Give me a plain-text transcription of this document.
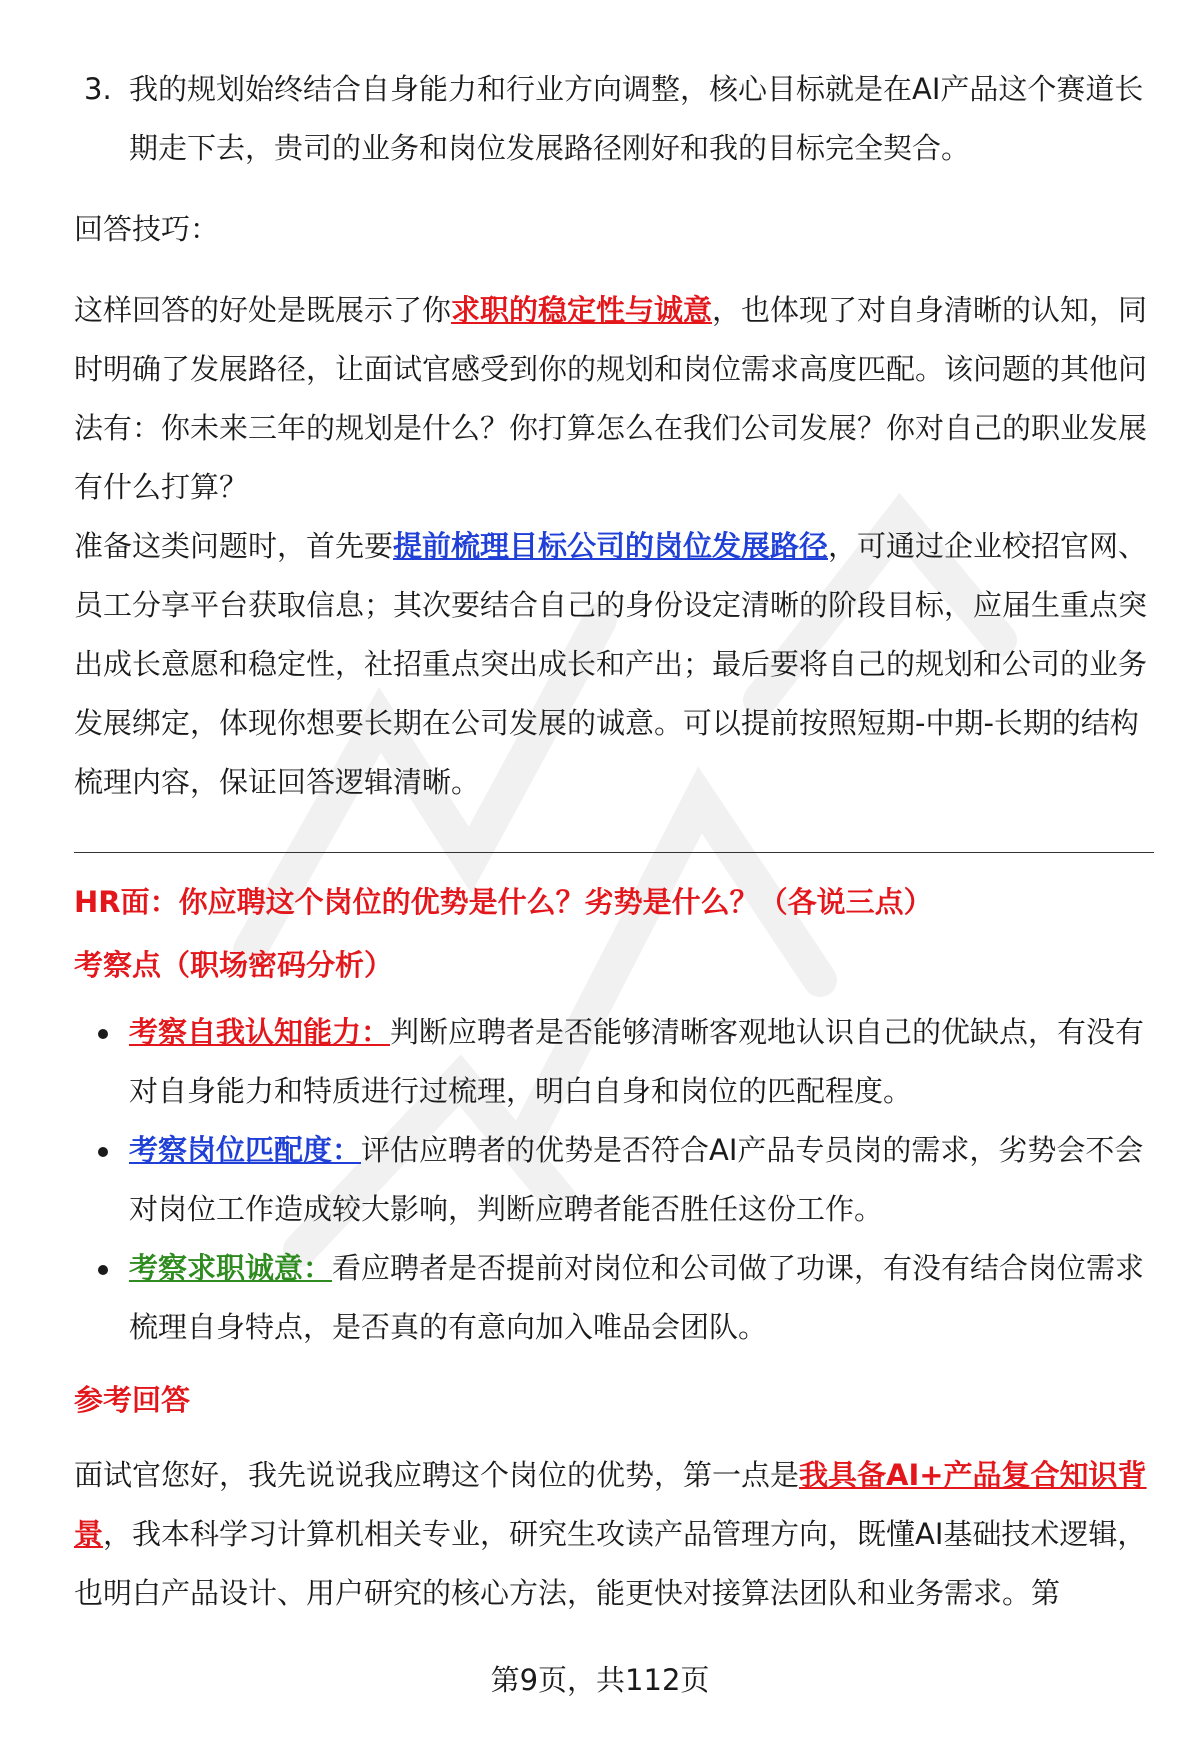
3. 我的规划始终结合自身能力和行业方向调整，核心目标就是在AI产品这个赛道长期走下去，贵司的业务和岗位发展路径刚好和我的目标完全契合。

回答技巧：

这样回答的好处是既展示了你求职的稳定性与诚意，也体现了对自身清晰的认知，同时明确了发展路径，让面试官感受到你的规划和岗位需求高度匹配。该问题的其他问法有：你未来三年的规划是什么？你打算怎么在我们公司发展？你对自己的职业发展有什么打算？

准备这类问题时，首先要提前梳理目标公司的岗位发展路径，可通过企业校招官网、员工分享平台获取信息；其次要结合自己的身份设定清晰的阶段目标，应届生重点突出成长意愿和稳定性，社招重点突出成长和产出；最后要将自己的规划和公司的业务发展绑定，体现你想要长期在公司发展的诚意。可以提前按照短期-中期-长期的结构梳理内容，保证回答逻辑清晰。

HR面：你应聘这个岗位的优势是什么？劣势是什么？（各说三点）

考察点（职场密码分析）

考察自我认知能力：判断应聘者是否能够清晰客观地认识自己的优缺点，有没有对自身能力和特质进行过梳理，明白自身和岗位的匹配程度。
考察岗位匹配度：评估应聘者的优势是否符合AI产品专员岗的需求，劣势会不会对岗位工作造成较大影响，判断应聘者能否胜任这份工作。
考察求职诚意：看应聘者是否提前对岗位和公司做了功课，有没有结合岗位需求梳理自身特点，是否真的有意向加入唯品会团队。

参考回答

面试官您好，我先说说我应聘这个岗位的优势，第一点是我具备AI+产品复合知识背景，我本科学习计算机相关专业，研究生攻读产品管理方向，既懂AI基础技术逻辑，也明白产品设计、用户研究的核心方法，能更快对接算法团队和业务需求。第

第9页，共112页
